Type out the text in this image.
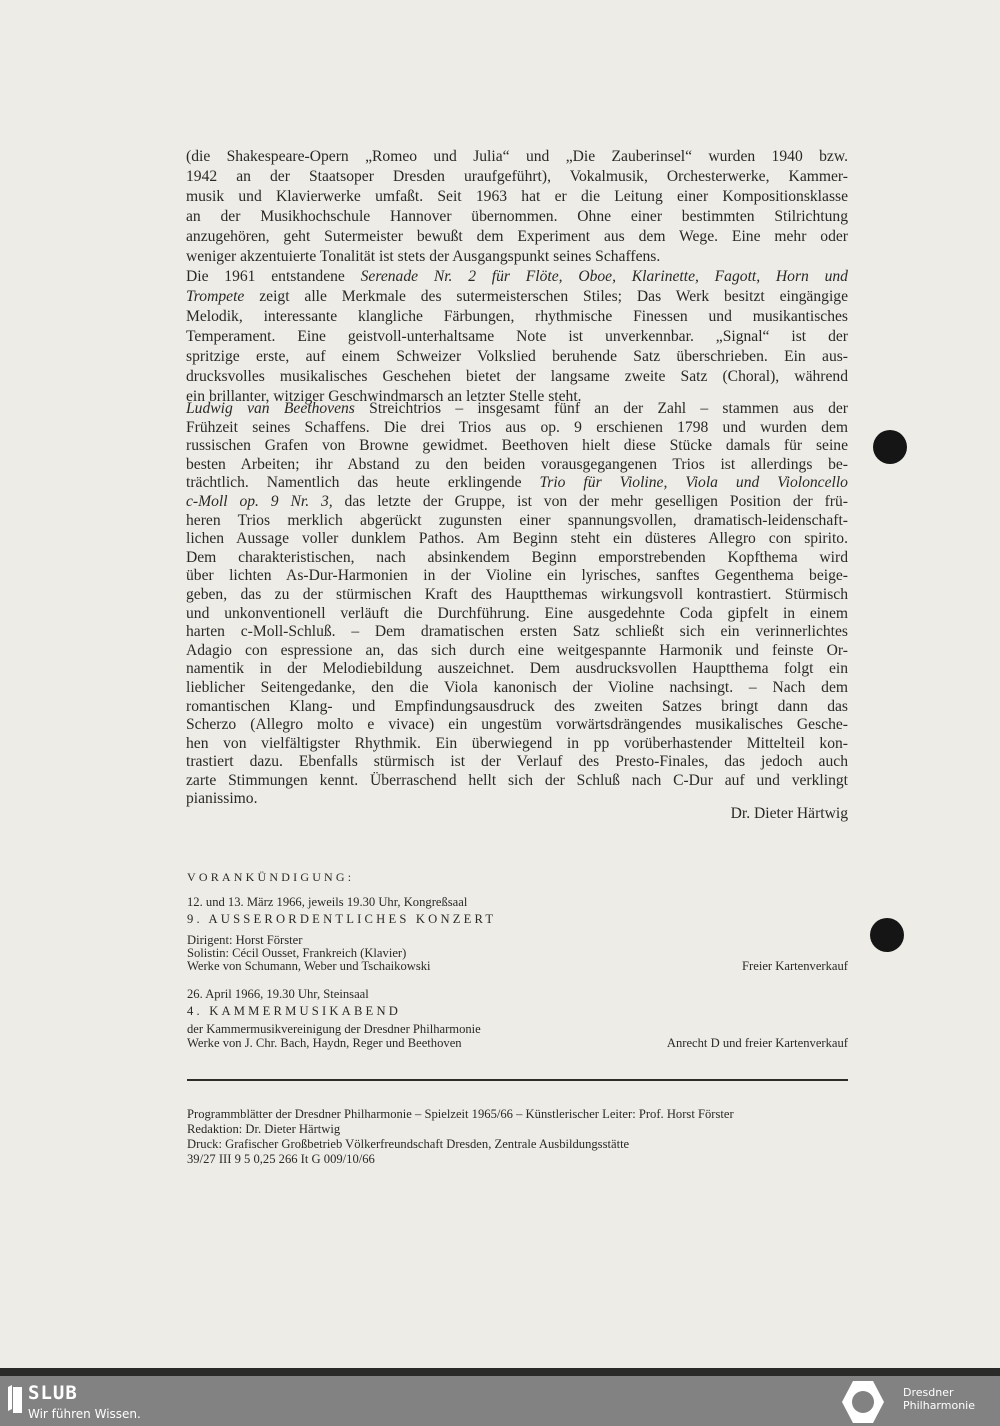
(die Shakespeare-Opern „Romeo und Julia“ und „Die Zauberinsel“ wurden 1940 bzw.
1942 an der Staatsoper Dresden uraufgeführt), Vokalmusik, Orchesterwerke, Kammer-
musik und Klavierwerke umfaßt. Seit 1963 hat er die Leitung einer Kompositionsklasse
an der Musikhochschule Hannover übernommen. Ohne einer bestimmten Stilrichtung
anzugehören, geht Sutermeister bewußt dem Experiment aus dem Wege. Eine mehr oder
weniger akzentuierte Tonalität ist stets der Ausgangspunkt seines Schaffens.
Die 1961 entstandene Serenade Nr. 2 für Flöte, Oboe, Klarinette, Fagott, Horn und
Trompete zeigt alle Merkmale des sutermeisterschen Stiles; Das Werk besitzt eingängige
Melodik, interessante klangliche Färbungen, rhythmische Finessen und musikantisches
Temperament. Eine geistvoll-unterhaltsame Note ist unverkennbar. „Signal“ ist der
spritzige erste, auf einem Schweizer Volkslied beruhende Satz überschrieben. Ein aus-
drucksvolles musikalisches Geschehen bietet der langsame zweite Satz (Choral), während
ein brillanter, witziger Geschwindmarsch an letzter Stelle steht.
Ludwig van Beethovens Streichtrios – insgesamt fünf an der Zahl – stammen aus der
Frühzeit seines Schaffens. Die drei Trios aus op. 9 erschienen 1798 und wurden dem
russischen Grafen von Browne gewidmet. Beethoven hielt diese Stücke damals für seine
besten Arbeiten; ihr Abstand zu den beiden vorausgegangenen Trios ist allerdings be-
trächtlich. Namentlich das heute erklingende Trio für Violine, Viola und Violoncello
c-Moll op. 9 Nr. 3, das letzte der Gruppe, ist von der mehr geselligen Position der frü-
heren Trios merklich abgerückt zugunsten einer spannungsvollen, dramatisch-leidenschaft-
lichen Aussage voller dunklem Pathos. Am Beginn steht ein düsteres Allegro con spirito.
Dem charakteristischen, nach absinkendem Beginn emporstrebenden Kopfthema wird
über lichten As-Dur-Harmonien in der Violine ein lyrisches, sanftes Gegenthema beige-
geben, das zu der stürmischen Kraft des Hauptthemas wirkungsvoll kontrastiert. Stürmisch
und unkonventionell verläuft die Durchführung. Eine ausgedehnte Coda gipfelt in einem
harten c-Moll-Schluß. – Dem dramatischen ersten Satz schließt sich ein verinnerlichtes
Adagio con espressione an, das sich durch eine weitgespannte Harmonik und feinste Or-
namentik in der Melodiebildung auszeichnet. Dem ausdrucksvollen Hauptthema folgt ein
lieblicher Seitengedanke, den die Viola kanonisch der Violine nachsingt. – Nach dem
romantischen Klang- und Empfindungsausdruck des zweiten Satzes bringt dann das
Scherzo (Allegro molto e vivace) ein ungestüm vorwärtsdrängendes musikalisches Gesche-
hen von vielfältigster Rhythmik. Ein überwiegend in pp vorüberhastender Mittelteil kon-
trastiert dazu. Ebenfalls stürmisch ist der Verlauf des Presto-Finales, das jedoch auch
zarte Stimmungen kennt. Überraschend hellt sich der Schluß nach C-Dur auf und verklingt
pianissimo.
Dr. Dieter Härtwig
VORANKÜNDIGUNG:
12. und 13. März 1966, jeweils 19.30 Uhr, Kongreßsaal
9. AUSSERORDENTLICHES KONZERT
Dirigent: Horst Förster
Solistin: Cécil Ousset, Frankreich (Klavier)
Werke von Schumann, Weber und Tschaikowski	Freier Kartenverkauf
26. April 1966, 19.30 Uhr, Steinsaal
4. KAMMERMUSIKABEND
der Kammermusikvereinigung der Dresdner Philharmonie
Werke von J. Chr. Bach, Haydn, Reger und Beethoven	Anrecht D und freier Kartenverkauf
Programmblätter der Dresdner Philharmonie – Spielzeit 1965/66 – Künstlerischer Leiter: Prof. Horst Förster
Redaktion: Dr. Dieter Härtwig
Druck: Grafischer Großbetrieb Völkerfreundschaft Dresden, Zentrale Ausbildungsstätte
39/27 III 9 5 0,25 266 It G 009/10/66
SLUB
Wir führen Wissen.
Dresdner
Philharmonie
